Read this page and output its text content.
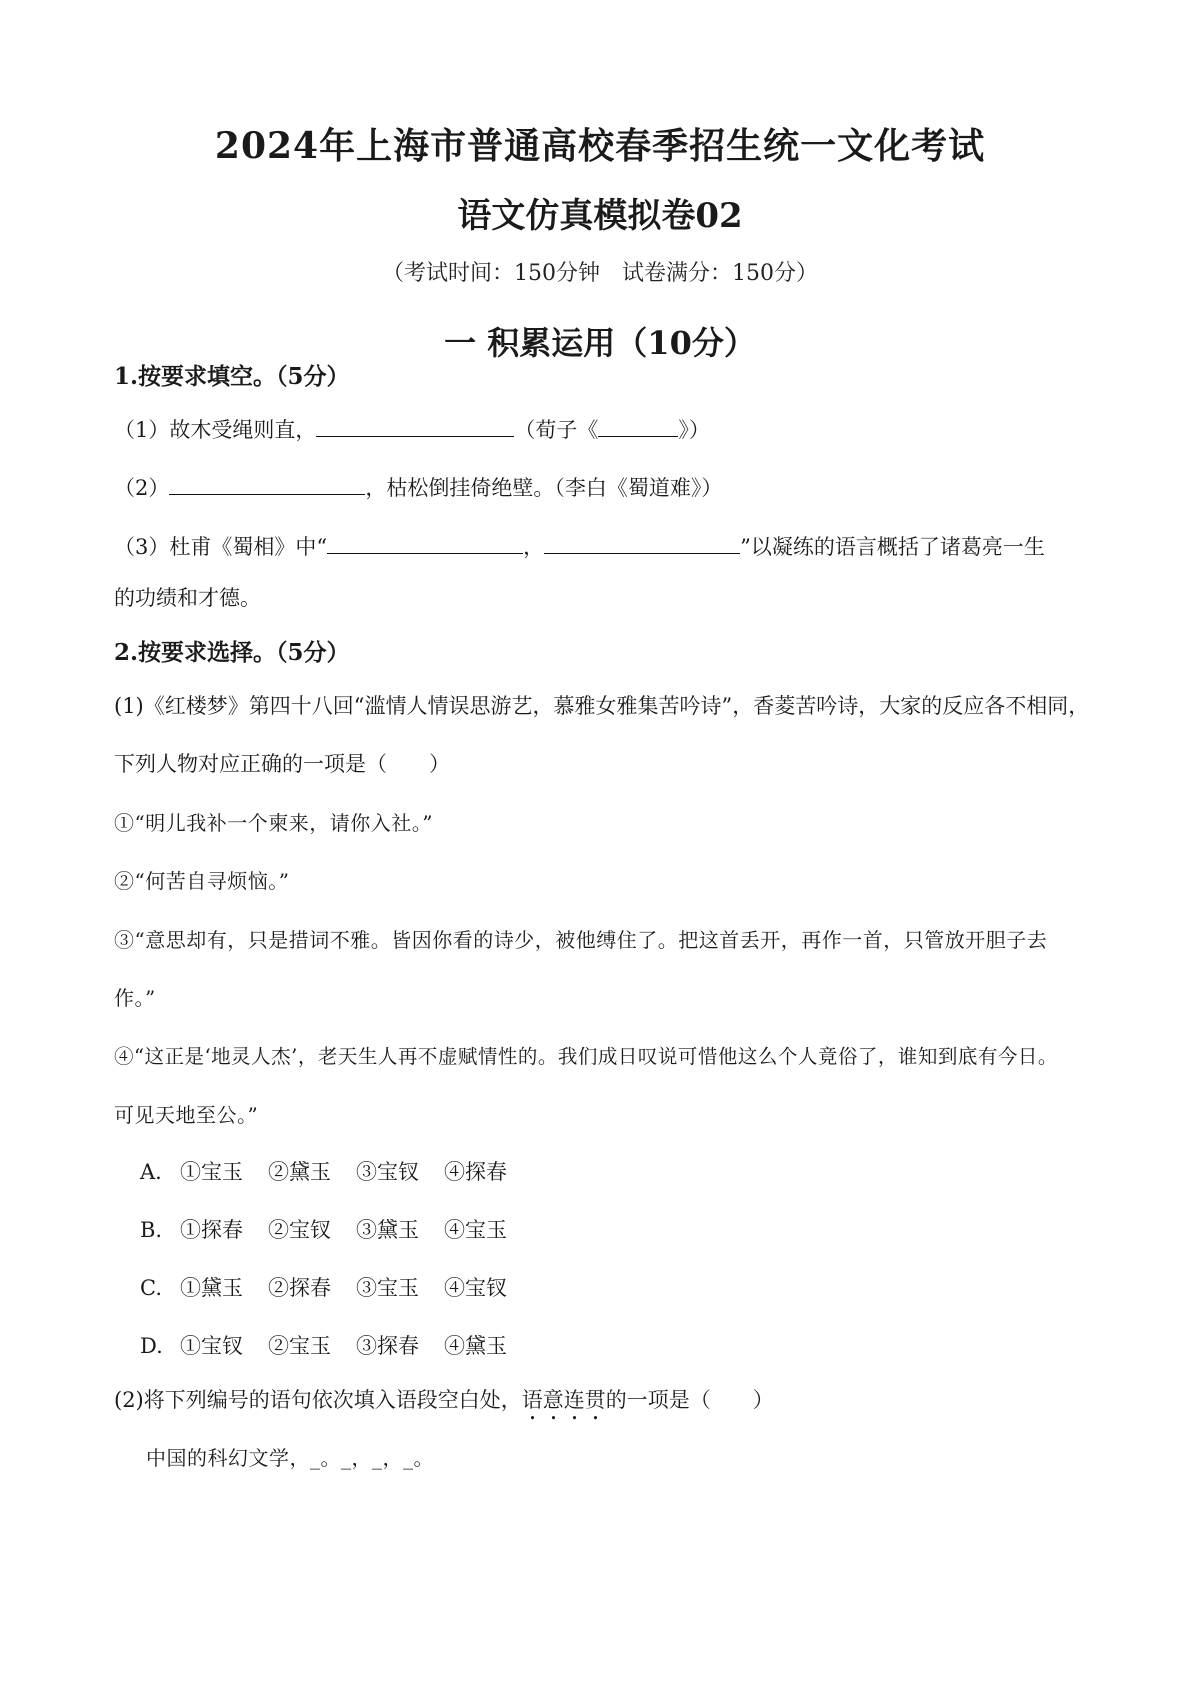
2024年上海市普通高校春季招生统一文化考试
语文仿真模拟卷02
（考试时间：150分钟　试卷满分：150分）
一 积累运用（10分）
1.按要求填空。（5分）
（1）故木受绳则直，	（荀子《	》）
（2）	，枯松倒挂倚绝壁。（李白《蜀道难》）
（3）杜甫《蜀相》中“	，	”以凝练的语言概括了诸葛亮一生
的功绩和才德。
2.按要求选择。（5分）
(1)《红楼梦》第四十八回“滥情人情误思游艺，慕雅女雅集苦吟诗”，香菱苦吟诗，大家的反应各不相同，
下列人物对应正确的一项是（　　）
①“明儿我补一个柬来，请你入社。”
②“何苦自寻烦恼。”
③“意思却有，只是措词不雅。皆因你看的诗少，被他缚住了。把这首丢开，再作一首，只管放开胆子去
作。”
④“这正是‘地灵人杰’，老天生人再不虚赋情性的。我们成日叹说可惜他这么个人竟俗了，谁知到底有今日。
可见天地至公。”
A. ①宝玉 ②黛玉 ③宝钗 ④探春
B. ①探春 ②宝钗 ③黛玉 ④宝玉
C. ①黛玉 ②探春 ③宝玉 ④宝钗
D. ①宝钗 ②宝玉 ③探春 ④黛玉
(2)将下列编号的语句依次填入语段空白处，语意连贯的一项是（　　）
中国的科幻文学，_。_，_，_。
